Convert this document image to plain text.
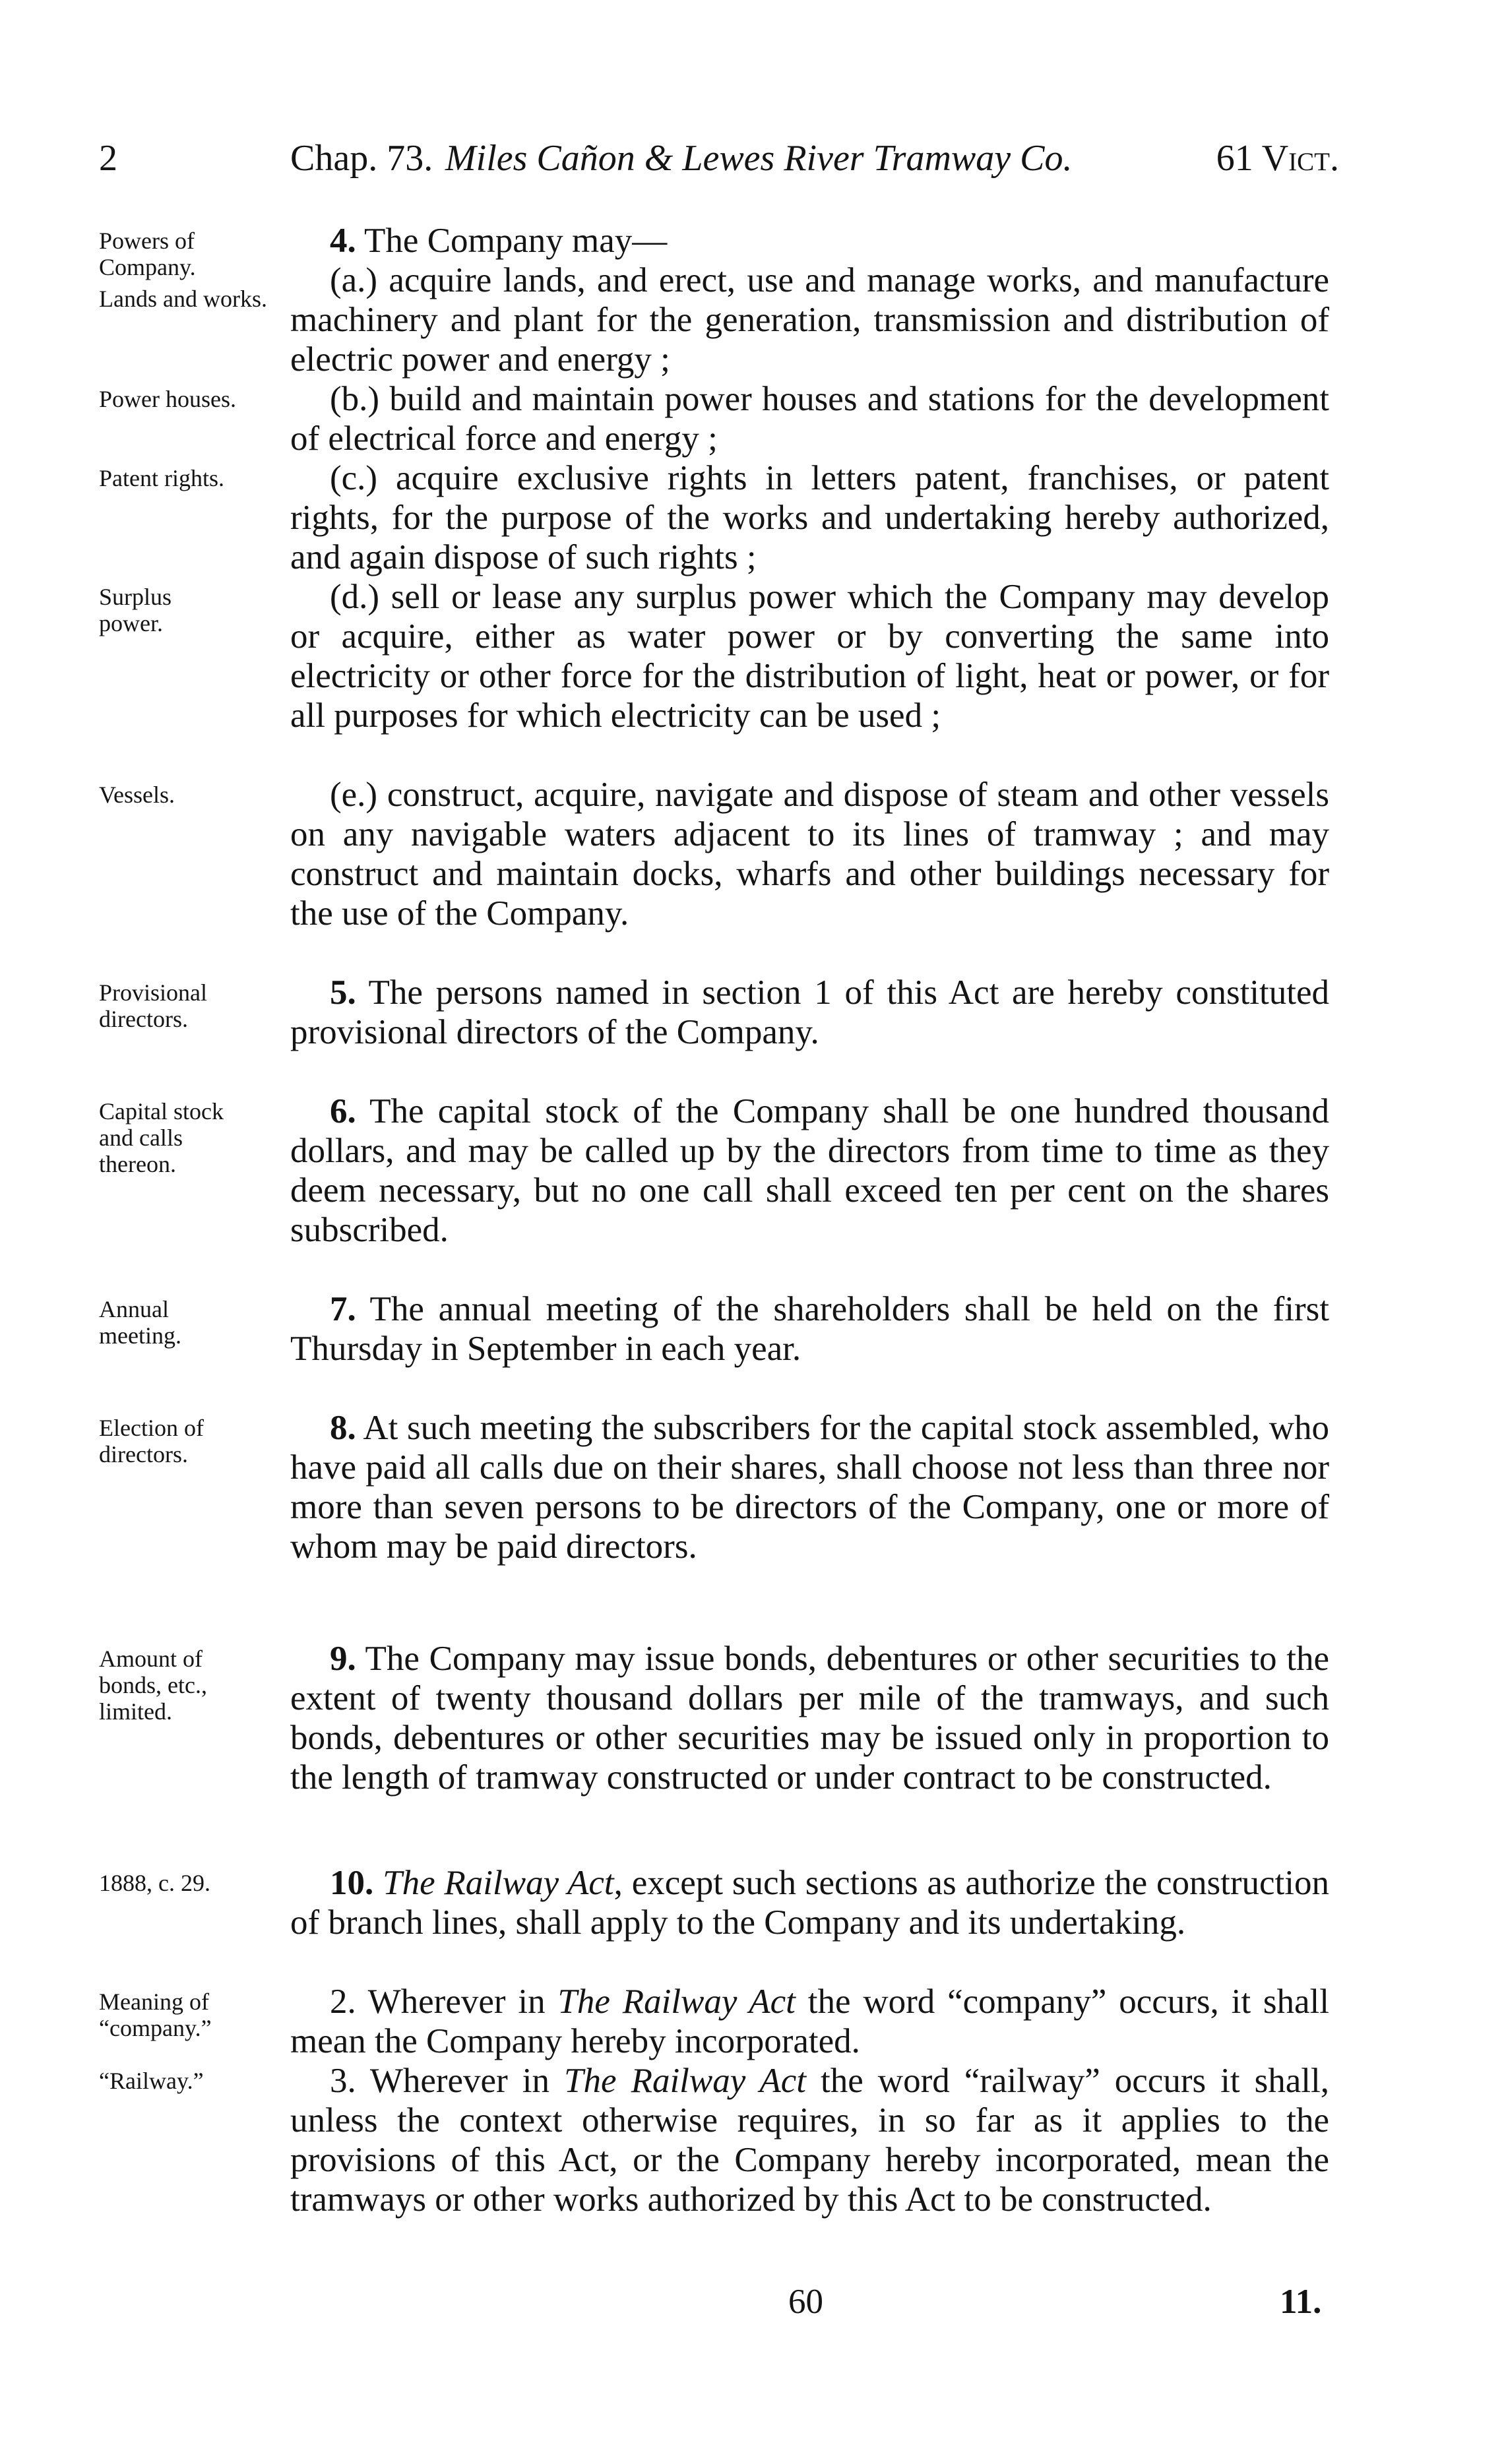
2	Chap. 73. Miles Cañon & Lewes River Tramway Co.	61 Vict.
Powers of Company.
Lands and works.
4. The Company may—
(a.) acquire lands, and erect, use and manage works, and manufacture machinery and plant for the generation, transmission and distribution of electric power and energy ;
Power houses.	(b.) build and maintain power houses and stations for the development of electrical force and energy ;
Patent rights.	(c.) acquire exclusive rights in letters patent, franchises, or patent rights, for the purpose of the works and undertaking hereby authorized, and again dispose of such rights ;
Surplus power.
(d.) sell or lease any surplus power which the Company may develop or acquire, either as water power or by converting the same into electricity or other force for the distribution of light, heat or power, or for all purposes for which electricity can be used ;
Vessels.	(e.) construct, acquire, navigate and dispose of steam and other vessels on any navigable waters adjacent to its lines of tramway ; and may construct and maintain docks, wharfs and other buildings necessary for the use of the Company.
Provisional directors.
5. The persons named in section 1 of this Act are hereby constituted provisional directors of the Company.
Capital stock and calls thereon.
6. The capital stock of the Company shall be one hundred thousand dollars, and may be called up by the directors from time to time as they deem necessary, but no one call shall exceed ten per cent on the shares subscribed.
Annual meeting.
7. The annual meeting of the shareholders shall be held on the first Thursday in September in each year.
Election of directors.
8. At such meeting the subscribers for the capital stock assembled, who have paid all calls due on their shares, shall choose not less than three nor more than seven persons to be directors of the Company, one or more of whom may be paid directors.
Amount of bonds, etc., limited.
9. The Company may issue bonds, debentures or other securities to the extent of twenty thousand dollars per mile of the tramways, and such bonds, debentures or other securities may be issued only in proportion to the length of tramway constructed or under contract to be constructed.
1888, c. 29.	10. The Railway Act, except such sections as authorize the construction of branch lines, shall apply to the Company and its undertaking.
Meaning of “company.”
2. Wherever in The Railway Act the word “company” occurs, it shall mean the Company hereby incorporated.
“Railway.”	3. Wherever in The Railway Act the word “railway” occurs it shall, unless the context otherwise requires, in so far as it applies to the provisions of this Act, or the Company hereby incorporated, mean the tramways or other works authorized by this Act to be constructed.
60	11.
